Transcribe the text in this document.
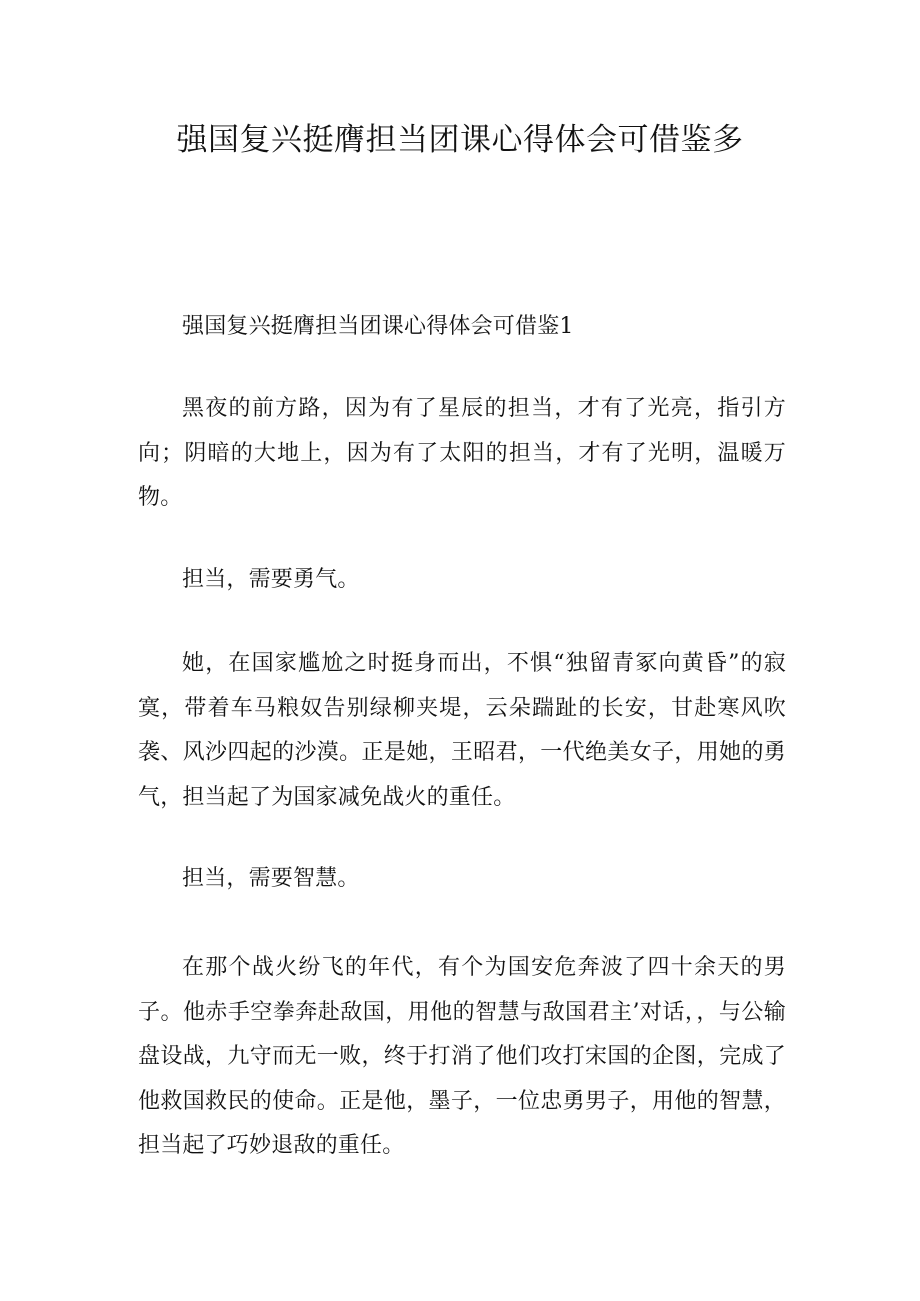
强国复兴挺膺担当团课心得体会可借鉴多

强国复兴挺膺担当团课心得体会可借鉴1

黑夜的前方路，因为有了星辰的担当，才有了光亮，指引方向；阴暗的大地上，因为有了太阳的担当，才有了光明，温暖万物。

担当，需要勇气。

她，在国家尴尬之时挺身而出，不惧“独留青冢向黄昏”的寂寞，带着车马粮奴告别绿柳夹堤，云朵踹趾的长安，甘赴寒风吹袭、风沙四起的沙漠。正是她，王昭君，一代绝美女子，用她的勇气，担当起了为国家减免战火的重任。

担当，需要智慧。

在那个战火纷飞的年代，有个为国安危奔波了四十余天的男子。他赤手空拳奔赴敌国，用他的智慧与敌国君主’对话，，与公输盘设战，九守而无一败，终于打消了他们攻打宋国的企图，完成了他救国救民的使命。正是他，墨子，一位忠勇男子，用他的智慧，担当起了巧妙退敌的重任。
